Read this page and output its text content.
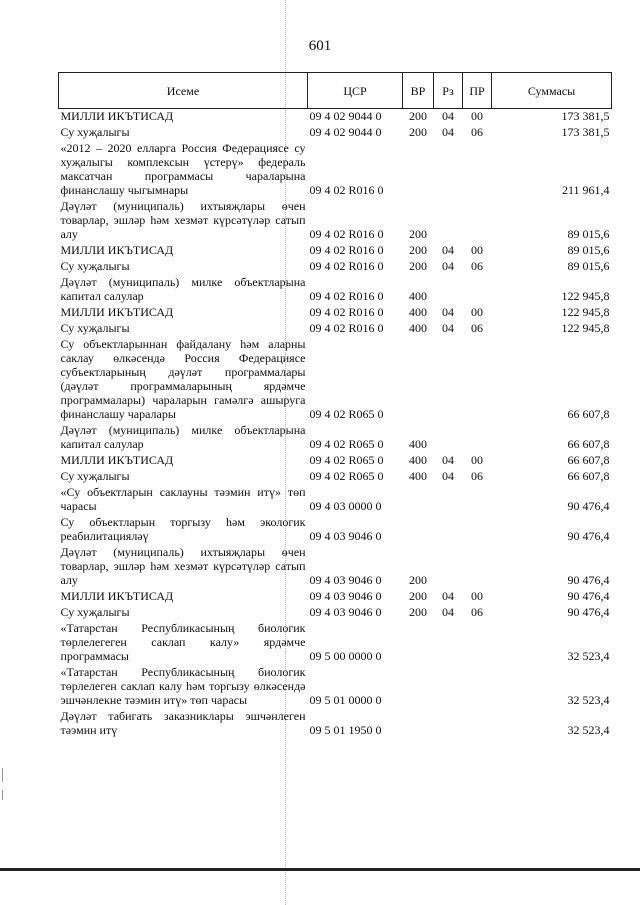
601
Исеме	ЦСР	ВР	Рз	ПР	Суммасы
МИЛЛИ ИКЪТИСАД	09 4 02 9044 0	200	04	00	173 381,5
Су хуҗалыгы	09 4 02 9044 0	200	04	06	173 381,5
«2012 – 2020 елларга Россия Федерациясе су хуҗалыгы комплексын үстерү» федераль максатчан программасы чараларына финанслашу чыгымнары	09 4 02 R016 0				211 961,4
Дәүләт (муниципаль) ихтыяҗлары өчен товарлар, эшләр һәм хезмәт күрсәтүләр сатып алу	09 4 02 R016 0	200			89 015,6
МИЛЛИ ИКЪТИСАД	09 4 02 R016 0	200	04	00	89 015,6
Су хуҗалыгы	09 4 02 R016 0	200	04	06	89 015,6
Дәүләт (муниципаль) милке объектларына капитал салулар	09 4 02 R016 0	400			122 945,8
МИЛЛИ ИКЪТИСАД	09 4 02 R016 0	400	04	00	122 945,8
Су хуҗалыгы	09 4 02 R016 0	400	04	06	122 945,8
Су объектларыннан файдалану һәм аларны саклау өлкәсендә Россия Федерациясе субъектларының дәүләт программалары (дәүләт программаларының ярдәмче программалары) чараларын гамәлгә ашыруга финанслашу чаралары	09 4 02 R065 0				66 607,8
Дәүләт (муниципаль) милке объектларына капитал салулар	09 4 02 R065 0	400			66 607,8
МИЛЛИ ИКЪТИСАД	09 4 02 R065 0	400	04	00	66 607,8
Су хуҗалыгы	09 4 02 R065 0	400	04	06	66 607,8
«Су объектларын саклауны тәэмин итү» төп чарасы	09 4 03 0000 0				90 476,4
Су объектларын торгызу һәм экологик реабилитацияләү	09 4 03 9046 0				90 476,4
Дәүләт (муниципаль) ихтыяҗлары өчен товарлар, эшләр һәм хезмәт күрсәтүләр сатып алу	09 4 03 9046 0	200			90 476,4
МИЛЛИ ИКЪТИСАД	09 4 03 9046 0	200	04	00	90 476,4
Су хуҗалыгы	09 4 03 9046 0	200	04	06	90 476,4
«Татарстан Республикасының биологик төрлелегеген саклап калу» ярдәмче программасы	09 5 00 0000 0				32 523,4
«Татарстан Республикасының биологик төрлелеген саклап калу һәм торгызу өлкәсендә эшчәнлекне тәэмин итү» төп чарасы	09 5 01 0000 0				32 523,4
Дәүләт табигать заказниклары эшчәнлеген тәэмин итү	09 5 01 1950 0				32 523,4
